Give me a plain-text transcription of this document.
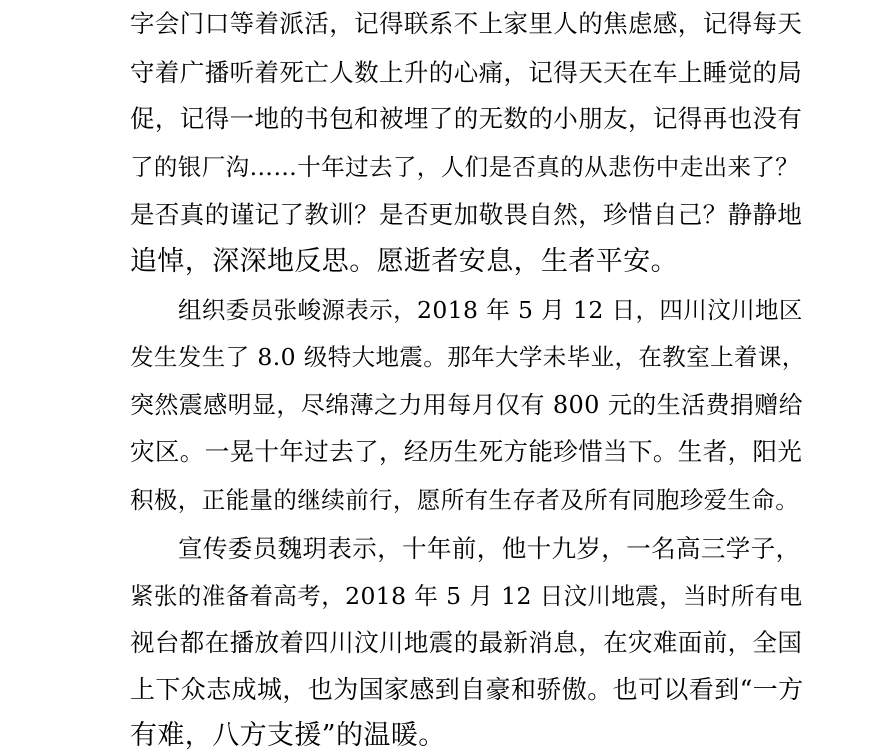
字会门口等着派活，记得联系不上家里人的焦虑感，记得每天
守着广播听着死亡人数上升的心痛，记得天天在车上睡觉的局
促，记得一地的书包和被埋了的无数的小朋友，记得再也没有
了的银厂沟……十年过去了，人们是否真的从悲伤中走出来了？
是否真的谨记了教训？是否更加敬畏自然，珍惜自己？静静地
追悼，深深地反思。愿逝者安息，生者平安。
组织委员张峻源表示，2018 年 5 月 12 日，四川汶川地区
发生发生了 8.0 级特大地震。那年大学未毕业，在教室上着课，
突然震感明显，尽绵薄之力用每月仅有 800 元的生活费捐赠给
灾区。一晃十年过去了，经历生死方能珍惜当下。生者，阳光
积极，正能量的继续前行，愿所有生存者及所有同胞珍爱生命。
宣传委员魏玥表示，十年前，他十九岁，一名高三学子，
紧张的准备着高考，2018 年 5 月 12 日汶川地震，当时所有电
视台都在播放着四川汶川地震的最新消息，在灾难面前，全国
上下众志成城，也为国家感到自豪和骄傲。也可以看到“一方
有难，八方支援”的温暖。
